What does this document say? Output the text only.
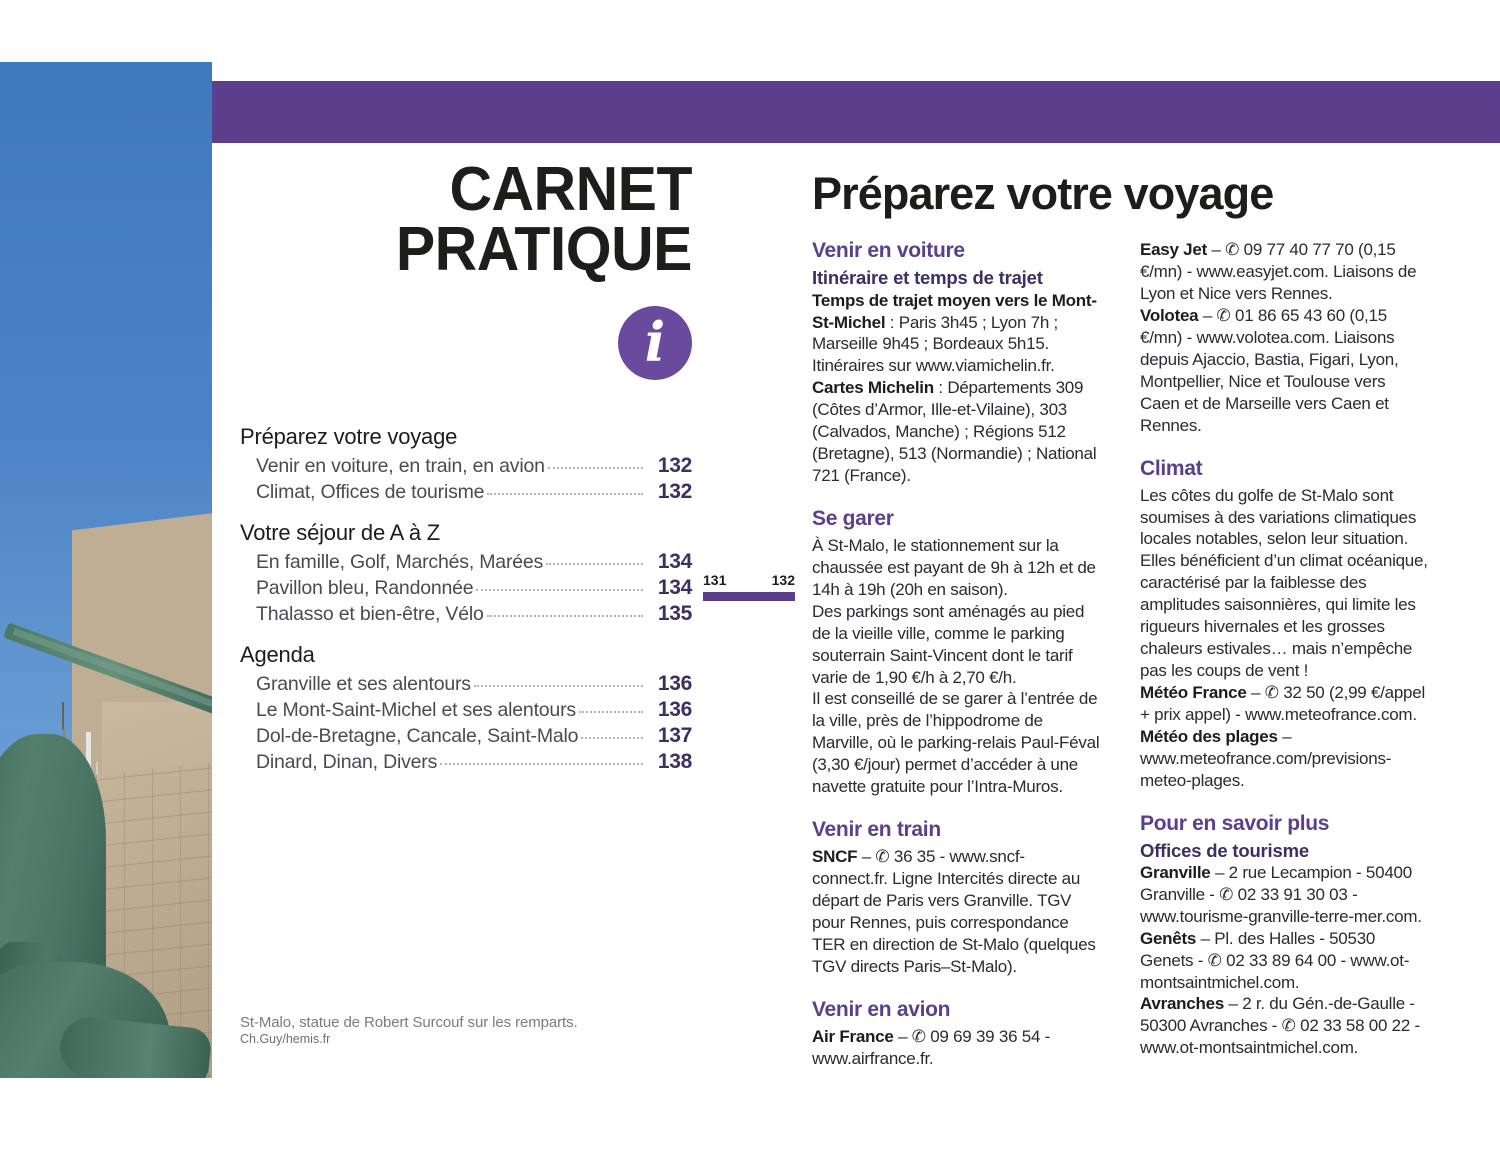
CARNET
PRATIQUE
i
Préparez votre voyage
Venir en voiture, en train, en avion	132
Climat, Offices de tourisme	132
Votre séjour de A à Z
En famille, Golf, Marchés, Marées	134
Pavillon bleu, Randonnée	134
Thalasso et bien-être, Vélo	135
Agenda
Granville et ses alentours	136
Le Mont-Saint-Michel et ses alentours	136
Dol-de-Bretagne, Cancale, Saint-Malo	137
Dinard, Dinan, Divers	138
131	132
St-Malo, statue de Robert Surcouf sur les remparts.
Ch.Guy/hemis.fr
Préparez votre voyage
Venir en voiture
Itinéraire et temps de trajet

Temps de trajet moyen vers le Mont-St-Michel : Paris 3h45 ; Lyon 7h ; Marseille 9h45 ; Bordeaux 5h15. Itinéraires sur www.viamichelin.fr.

Cartes Michelin : Départements 309 (Côtes d’Armor, Ille-et-Vilaine), 303 (Calvados, Manche) ; Régions 512 (Bretagne), 513 (Normandie) ; National 721 (France).

Se garer

À St-Malo, le stationnement sur la chaussée est payant de 9h à 12h et de 14h à 19h (20h en saison).

Des parkings sont aménagés au pied de la vieille ville, comme le parking souterrain Saint-Vincent dont le tarif varie de 1,90 €/h à 2,70 €/h.

Il est conseillé de se garer à l’entrée de la ville, près de l’hippodrome de Marville, où le parking-relais Paul-Féval (3,30 €/jour) permet d’accéder à une navette gratuite pour l’Intra-Muros.

Venir en train

SNCF – ✆ 36 35 - www.sncf-connect.fr. Ligne Intercités directe au départ de Paris vers Granville. TGV pour Rennes, puis correspondance TER en direction de St-Malo (quelques TGV directs Paris–St-Malo).

Venir en avion

Air France – ✆ 09 69 39 36 54 - www.airfrance.fr.

Easy Jet – ✆ 09 77 40 77 70 (0,15 €/mn) - www.easyjet.com. Liaisons de Lyon et Nice vers Rennes.

Volotea – ✆ 01 86 65 43 60 (0,15 €/mn) - www.volotea.com. Liaisons depuis Ajaccio, Bastia, Figari, Lyon, Montpellier, Nice et Toulouse vers Caen et de Marseille vers Caen et Rennes.

Climat

Les côtes du golfe de St-Malo sont soumises à des variations climatiques locales notables, selon leur situation. Elles bénéficient d’un climat océanique, caractérisé par la faiblesse des amplitudes saisonnières, qui limite les rigueurs hivernales et les grosses chaleurs estivales… mais n’empêche pas les coups de vent !

Météo France – ✆ 32 50 (2,99 €/appel + prix appel) - www.meteofrance.com.

Météo des plages – www.meteofrance.com/previsions-meteo-plages.

Pour en savoir plus
Offices de tourisme

Granville – 2 rue Lecampion - 50400 Granville - ✆ 02 33 91 30 03 - www.tourisme-granville-terre-mer.com.

Genêts – Pl. des Halles - 50530 Genets - ✆ 02 33 89 64 00 - www.ot-montsaintmichel.com.

Avranches – 2 r. du Gén.-de-Gaulle - 50300 Avranches - ✆ 02 33 58 00 22 - www.ot-montsaintmichel.com.
